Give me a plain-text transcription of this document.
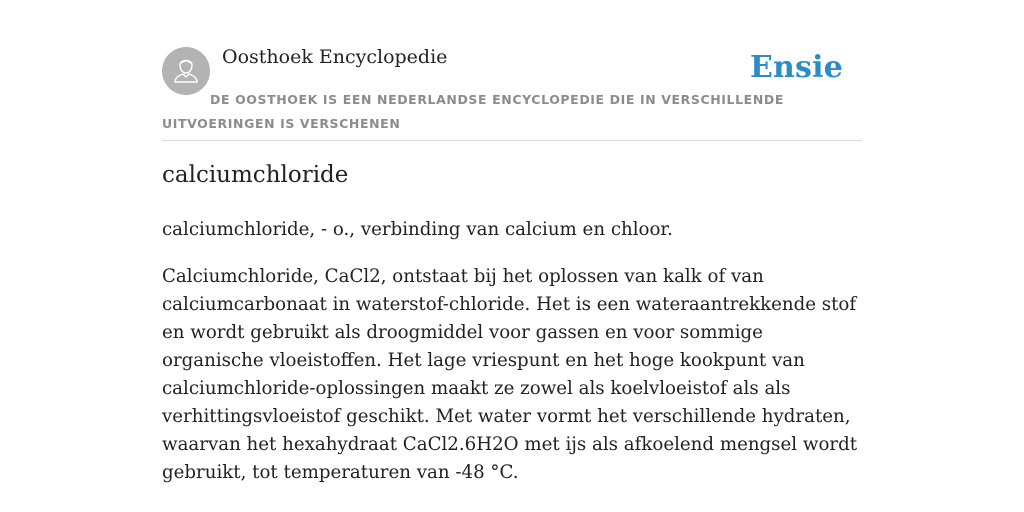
Oosthoek Encyclopedie	Ensie
DE OOSTHOEK IS EEN NEDERLANDSE ENCYCLOPEDIE DIE IN VERSCHILLENDE UITVOERINGEN IS VERSCHENEN
calciumchloride

calciumchloride, - o., verbinding van calcium en chloor.

Calciumchloride, CaCl2, ontstaat bij het oplossen van kalk of van calciumcarbonaat in waterstof-chloride. Het is een wateraantrekkende stof en wordt gebruikt als droogmiddel voor gassen en voor sommige organische vloeistoffen. Het lage vriespunt en het hoge kookpunt van calciumchloride-oplossingen maakt ze zowel als koelvloeistof als als verhittingsvloeistof geschikt. Met water vormt het verschillende hydraten, waarvan het hexahydraat CaCl2.6H2O met ijs als afkoelend mengsel wordt gebruikt, tot temperaturen van -48 °C.
